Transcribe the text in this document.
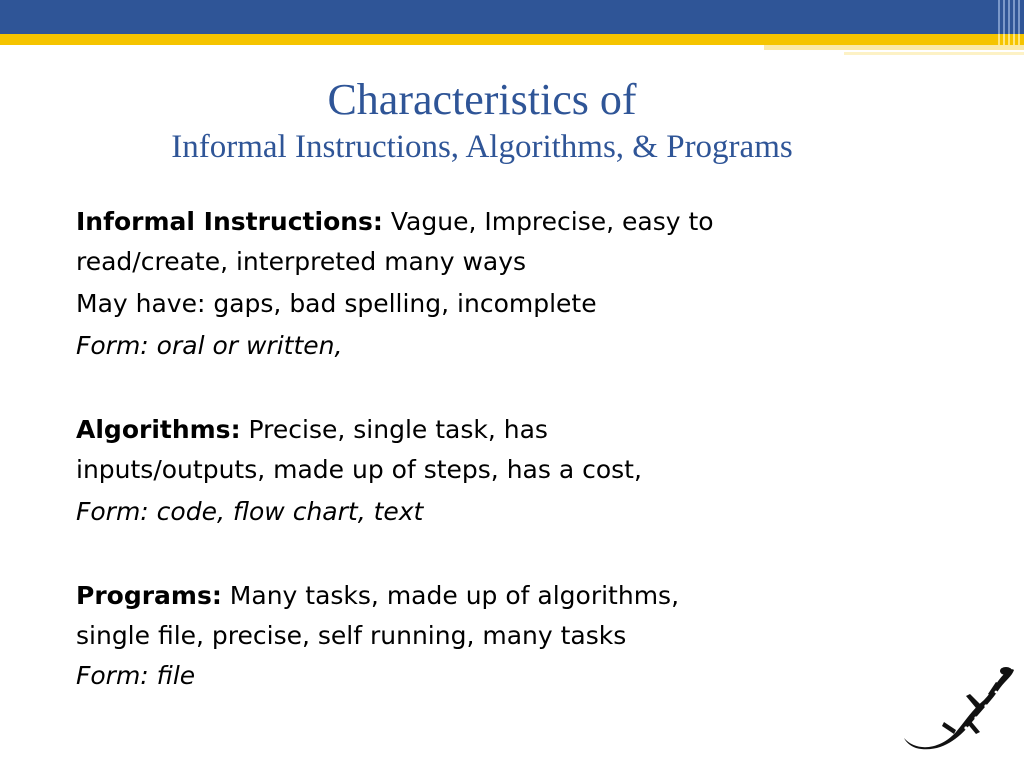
Characteristics of
Informal Instructions, Algorithms, & Programs

Informal Instructions: Vague, Imprecise, easy to
read/create, interpreted many ways

May have: gaps, bad spelling, incomplete

Form: oral or written,

Algorithms: Precise, single task, has
inputs/outputs, made up of steps, has a cost,

Form: code, flow chart, text

Programs: Many tasks, made up of algorithms,
single file, precise, self running, many tasks
Form: file
